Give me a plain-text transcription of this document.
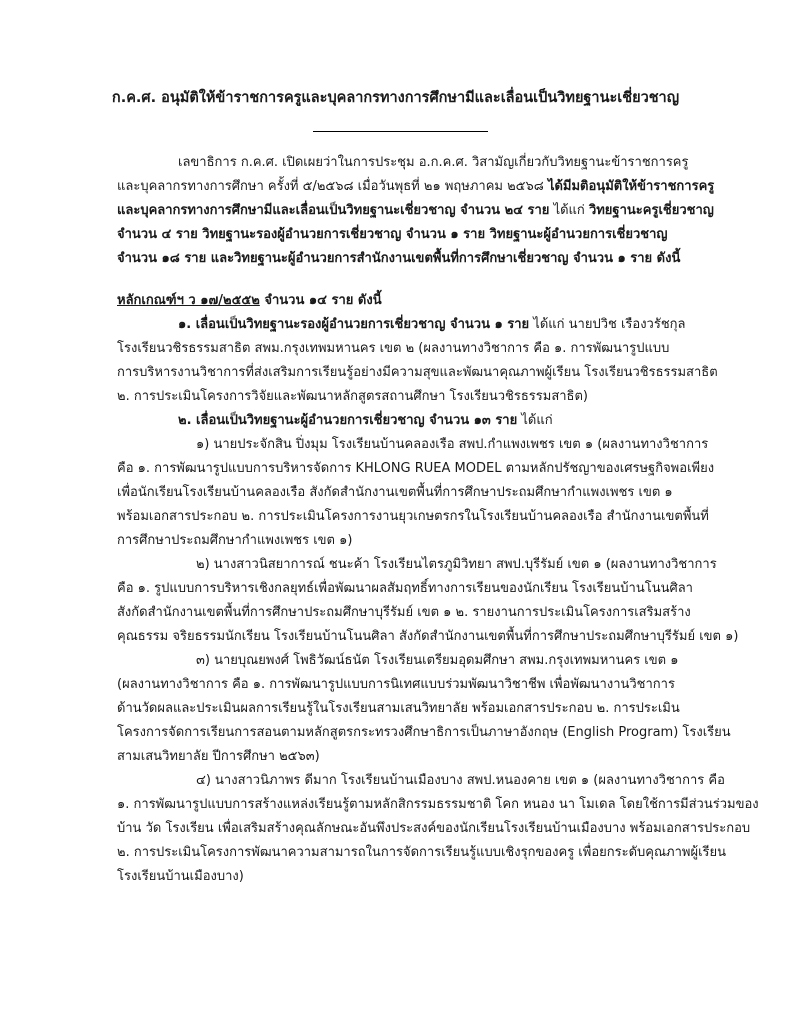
ก.ค.ศ. อนุมัติให้ข้าราชการครูและบุคลากรทางการศึกษามีและเลื่อนเป็นวิทยฐานะเชี่ยวชาญ
เลขาธิการ ก.ค.ศ. เปิดเผยว่าในการประชุม อ.ก.ค.ศ. วิสามัญเกี่ยวกับวิทยฐานะข้าราชการครู
และบุคลากรทางการศึกษา ครั้งที่ ๕/๒๕๖๘ เมื่อวันพุธที่ ๒๑ พฤษภาคม ๒๕๖๘ ได้มีมติอนุมัติให้ข้าราชการครู
และบุคลากรทางการศึกษามีและเลื่อนเป็นวิทยฐานะเชี่ยวชาญ จำนวน ๒๔ ราย ได้แก่ วิทยฐานะครูเชี่ยวชาญ
จำนวน ๔ ราย วิทยฐานะรองผู้อำนวยการเชี่ยวชาญ จำนวน ๑ ราย วิทยฐานะผู้อำนวยการเชี่ยวชาญ
จำนวน ๑๘ ราย และวิทยฐานะผู้อำนวยการสำนักงานเขตพื้นที่การศึกษาเชี่ยวชาญ จำนวน ๑ ราย ดังนี้
หลักเกณฑ์ฯ ว ๑๗/๒๕๕๒ จำนวน ๑๔ ราย ดังนี้
๑. เลื่อนเป็นวิทยฐานะรองผู้อำนวยการเชี่ยวชาญ จำนวน ๑ ราย ได้แก่ นายปวิช เรืองวรัชกุล
โรงเรียนวชิรธรรมสาธิต สพม.กรุงเทพมหานคร เขต ๒ (ผลงานทางวิชาการ คือ ๑. การพัฒนารูปแบบ
การบริหารงานวิชาการที่ส่งเสริมการเรียนรู้อย่างมีความสุขและพัฒนาคุณภาพผู้เรียน โรงเรียนวชิรธรรมสาธิต
๒. การประเมินโครงการวิจัยและพัฒนาหลักสูตรสถานศึกษา โรงเรียนวชิรธรรมสาธิต)
๒. เลื่อนเป็นวิทยฐานะผู้อำนวยการเชี่ยวชาญ จำนวน ๑๓ ราย ได้แก่
๑) นายประจักสิน ปิ่งมุม โรงเรียนบ้านคลองเรือ สพป.กำแพงเพชร เขต ๑ (ผลงานทางวิชาการ
คือ ๑. การพัฒนารูปแบบการบริหารจัดการ KHLONG RUEA MODEL ตามหลักปรัชญาของเศรษฐกิจพอเพียง
เพื่อนักเรียนโรงเรียนบ้านคลองเรือ สังกัดสำนักงานเขตพื้นที่การศึกษาประถมศึกษากำแพงเพชร เขต ๑
พร้อมเอกสารประกอบ ๒. การประเมินโครงการงานยุวเกษตรกรในโรงเรียนบ้านคลองเรือ สำนักงานเขตพื้นที่
การศึกษาประถมศึกษากำแพงเพชร เขต ๑)
๒) นางสาวนิสยาการณ์ ชนะค้า โรงเรียนไตรภูมิวิทยา สพป.บุรีรัมย์ เขต ๑ (ผลงานทางวิชาการ
คือ ๑. รูปแบบการบริหารเชิงกลยุทธ์เพื่อพัฒนาผลสัมฤทธิ์ทางการเรียนของนักเรียน โรงเรียนบ้านโนนศิลา
สังกัดสำนักงานเขตพื้นที่การศึกษาประถมศึกษาบุรีรัมย์ เขต ๑ ๒. รายงานการประเมินโครงการเสริมสร้าง
คุณธรรม จริยธรรมนักเรียน โรงเรียนบ้านโนนศิลา สังกัดสำนักงานเขตพื้นที่การศึกษาประถมศึกษาบุรีรัมย์ เขต ๑)
๓) นายบุณยพงศ์ โพธิวัฒน์ธนัต โรงเรียนเตรียมอุดมศึกษา สพม.กรุงเทพมหานคร เขต ๑
(ผลงานทางวิชาการ คือ ๑. การพัฒนารูปแบบการนิเทศแบบร่วมพัฒนาวิชาชีพ เพื่อพัฒนางานวิชาการ
ด้านวัดผลและประเมินผลการเรียนรู้ในโรงเรียนสามเสนวิทยาลัย พร้อมเอกสารประกอบ ๒. การประเมิน
โครงการจัดการเรียนการสอนตามหลักสูตรกระทรวงศึกษาธิการเป็นภาษาอังกฤษ (English Program) โรงเรียน
สามเสนวิทยาลัย ปีการศึกษา ๒๕๖๓)
๔) นางสาวนิภาพร ดีมาก โรงเรียนบ้านเมืองบาง สพป.หนองคาย เขต ๑ (ผลงานทางวิชาการ คือ
๑. การพัฒนารูปแบบการสร้างแหล่งเรียนรู้ตามหลักสิกรรมธรรมชาติ โคก หนอง นา โมเดล โดยใช้การมีส่วนร่วมของ
บ้าน วัด โรงเรียน เพื่อเสริมสร้างคุณลักษณะอันพึงประสงค์ของนักเรียนโรงเรียนบ้านเมืองบาง พร้อมเอกสารประกอบ
๒. การประเมินโครงการพัฒนาความสามารถในการจัดการเรียนรู้แบบเชิงรุกของครู เพื่อยกระดับคุณภาพผู้เรียน
โรงเรียนบ้านเมืองบาง)
